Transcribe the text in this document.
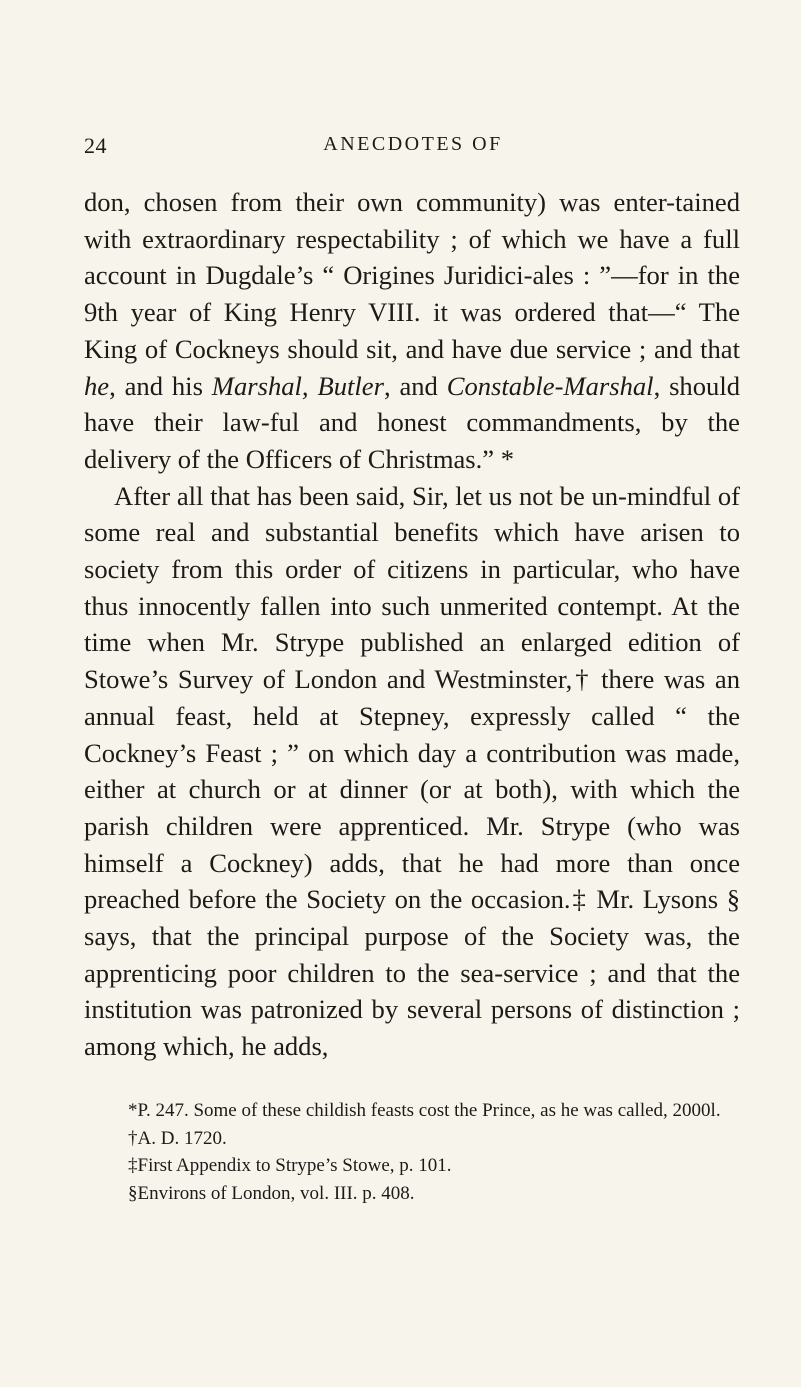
24	ANECDOTES OF

don, chosen from their own community) was enter-tained with extraordinary respectability ; of which we have a full account in Dugdale’s “ Origines Juridici-ales : ”—for in the 9th year of King Henry VIII. it was ordered that—“ The King of Cockneys should sit, and have due service ; and that he, and his Marshal, Butler, and Constable-Marshal, should have their law-ful and honest commandments, by the delivery of the Officers of Christmas.” *

After all that has been said, Sir, let us not be un-mindful of some real and substantial benefits which have arisen to society from this order of citizens in particular, who have thus innocently fallen into such unmerited contempt. At the time when Mr. Strype published an enlarged edition of Stowe’s Survey of London and Westminster,† there was an annual feast, held at Stepney, expressly called “ the Cockney’s Feast ; ” on which day a contribution was made, either at church or at dinner (or at both), with which the parish children were apprenticed. Mr. Strype (who was himself a Cockney) adds, that he had more than once preached before the Society on the occasion.‡ Mr. Lysons § says, that the principal purpose of the Society was, the apprenticing poor children to the sea-service ; and that the institution was patronized by several persons of distinction ; among which, he adds,

*P. 247. Some of these childish feasts cost the Prince, as he was called, 2000l.

†A. D. 1720.

‡First Appendix to Strype’s Stowe, p. 101.

§Environs of London, vol. III. p. 408.
